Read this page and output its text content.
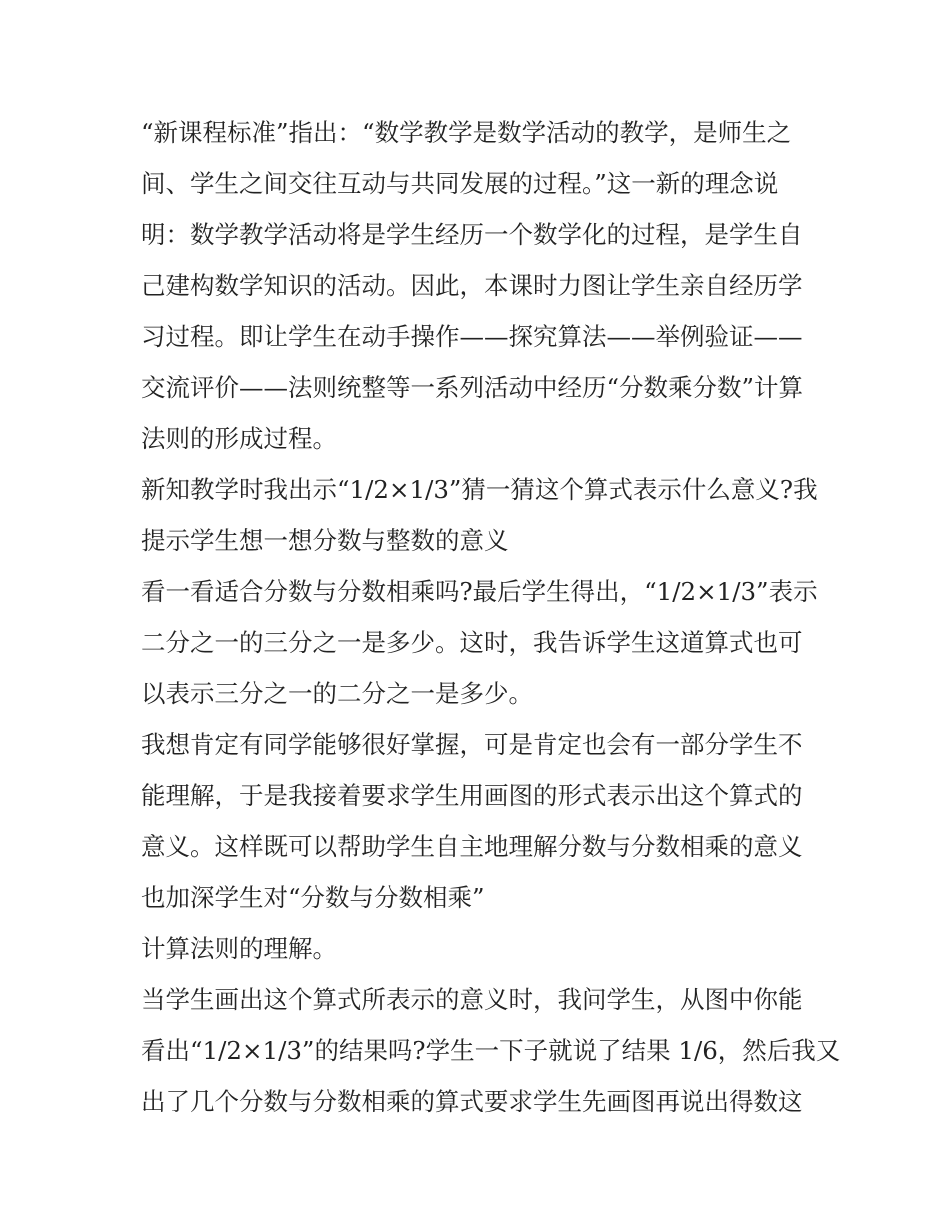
“新课程标准”指出：“数学教学是数学活动的教学，是师生之
间、学生之间交往互动与共同发展的过程。”这一新的理念说
明：数学教学活动将是学生经历一个数学化的过程，是学生自
己建构数学知识的活动。因此，本课时力图让学生亲自经历学
习过程。即让学生在动手操作——探究算法——举例验证——
交流评价——法则统整等一系列活动中经历“分数乘分数”计算
法则的形成过程。
新知教学时我出示“1/2×1/3”猜一猜这个算式表示什么意义?我
提示学生想一想分数与整数的意义
看一看适合分数与分数相乘吗?最后学生得出，“1/2×1/3”表示
二分之一的三分之一是多少。这时，我告诉学生这道算式也可
以表示三分之一的二分之一是多少。
我想肯定有同学能够很好掌握，可是肯定也会有一部分学生不
能理解，于是我接着要求学生用画图的形式表示出这个算式的
意义。这样既可以帮助学生自主地理解分数与分数相乘的意义
也加深学生对“分数与分数相乘”
计算法则的理解。
当学生画出这个算式所表示的意义时，我问学生，从图中你能
看出“1/2×1/3”的结果吗?学生一下子就说了结果 1/6，然后我又
出了几个分数与分数相乘的算式要求学生先画图再说出得数这
